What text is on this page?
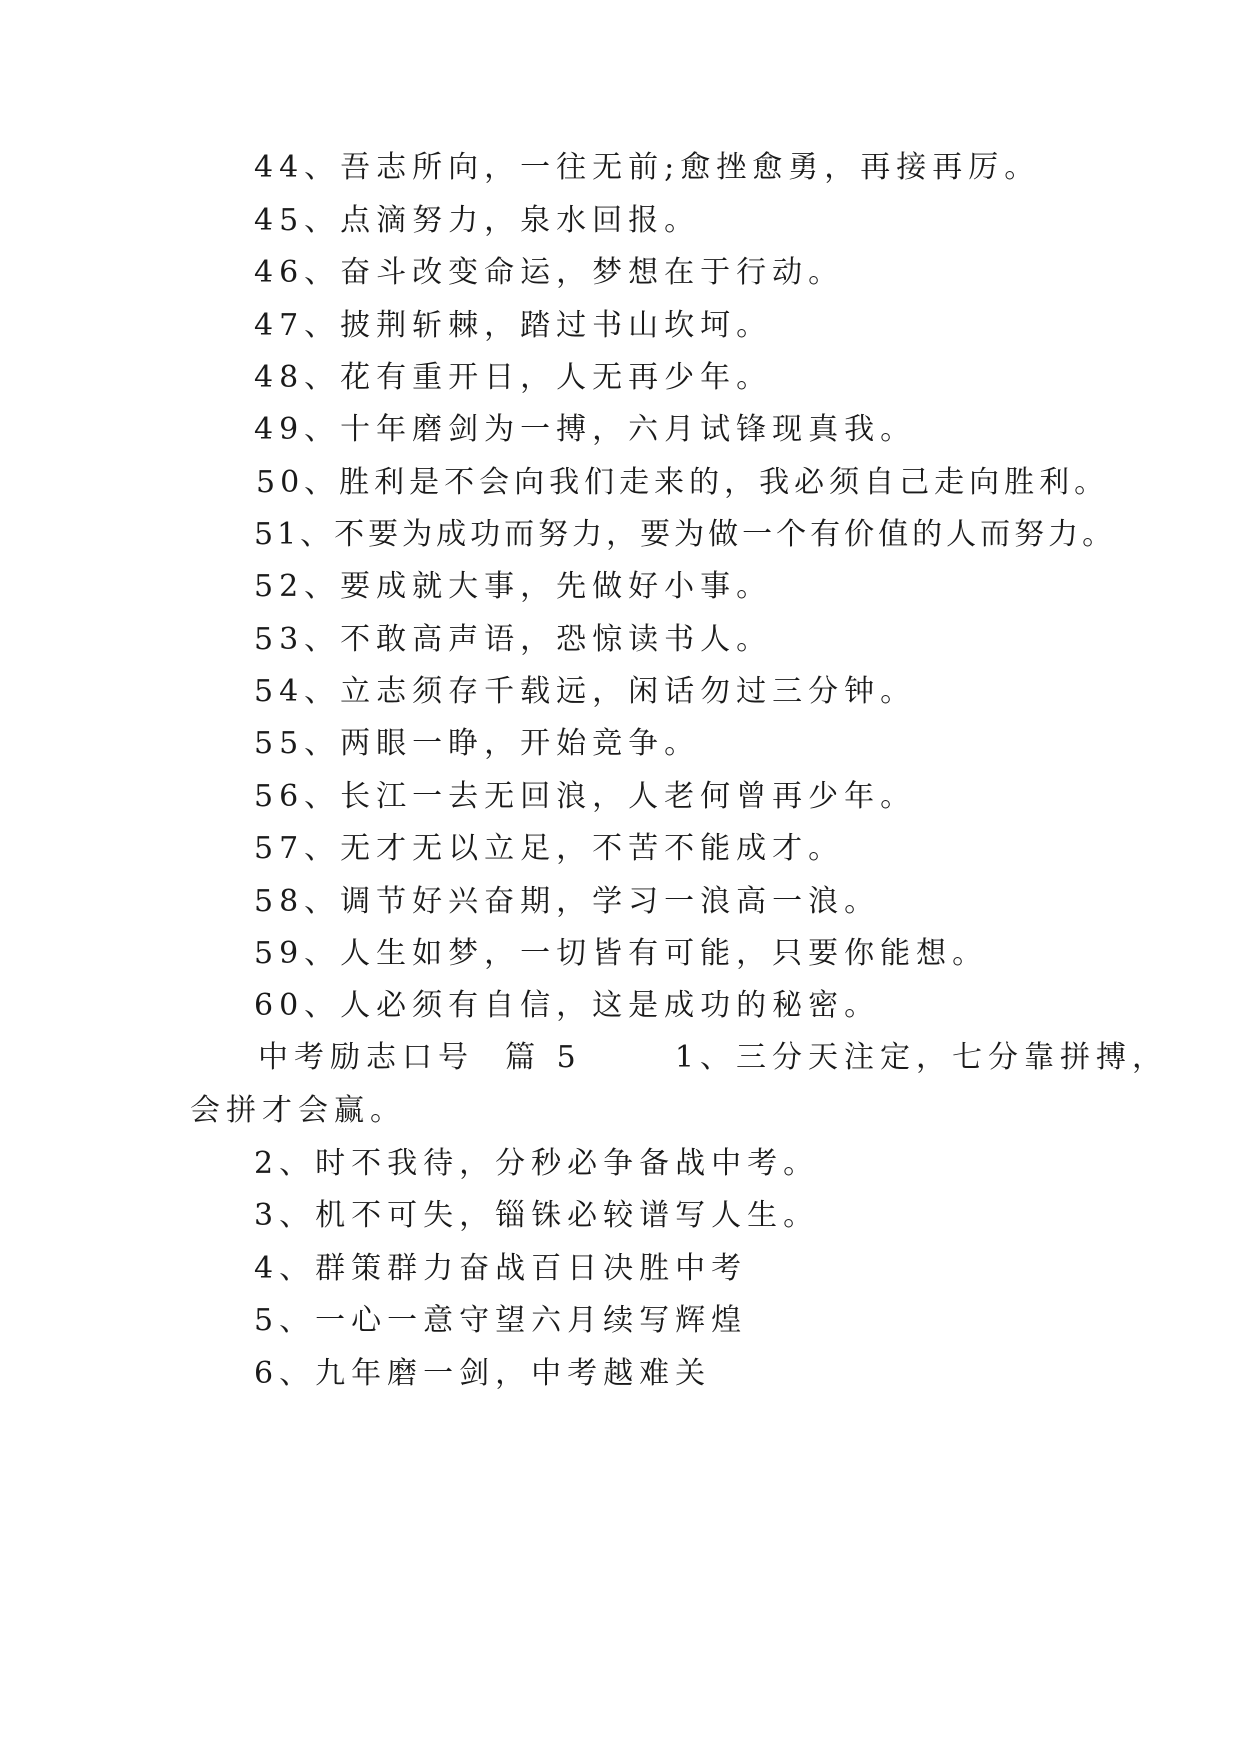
44、吾志所向，一往无前;愈挫愈勇，再接再厉。
45、点滴努力，泉水回报。
46、奋斗改变命运，梦想在于行动。
47、披荆斩棘，踏过书山坎坷。
48、花有重开日，人无再少年。
49、十年磨剑为一搏，六月试锋现真我。
50、胜利是不会向我们走来的，我必须自己走向胜利。
51、不要为成功而努力，要为做一个有价值的人而努力。
52、要成就大事，先做好小事。
53、不敢高声语，恐惊读书人。
54、立志须存千载远，闲话勿过三分钟。
55、两眼一睁，开始竞争。
56、长江一去无回浪，人老何曾再少年。
57、无才无以立足，不苦不能成才。
58、调节好兴奋期，学习一浪高一浪。
59、人生如梦，一切皆有可能，只要你能想。
60、人必须有自信，这是成功的秘密。
中考励志口号  篇 5      1、三分天注定，七分靠拼搏，
会拼才会赢。
2、时不我待，分秒必争备战中考。
3、机不可失，锱铢必较谱写人生。
4、群策群力奋战百日决胜中考
5、一心一意守望六月续写辉煌
6、九年磨一剑，中考越难关
